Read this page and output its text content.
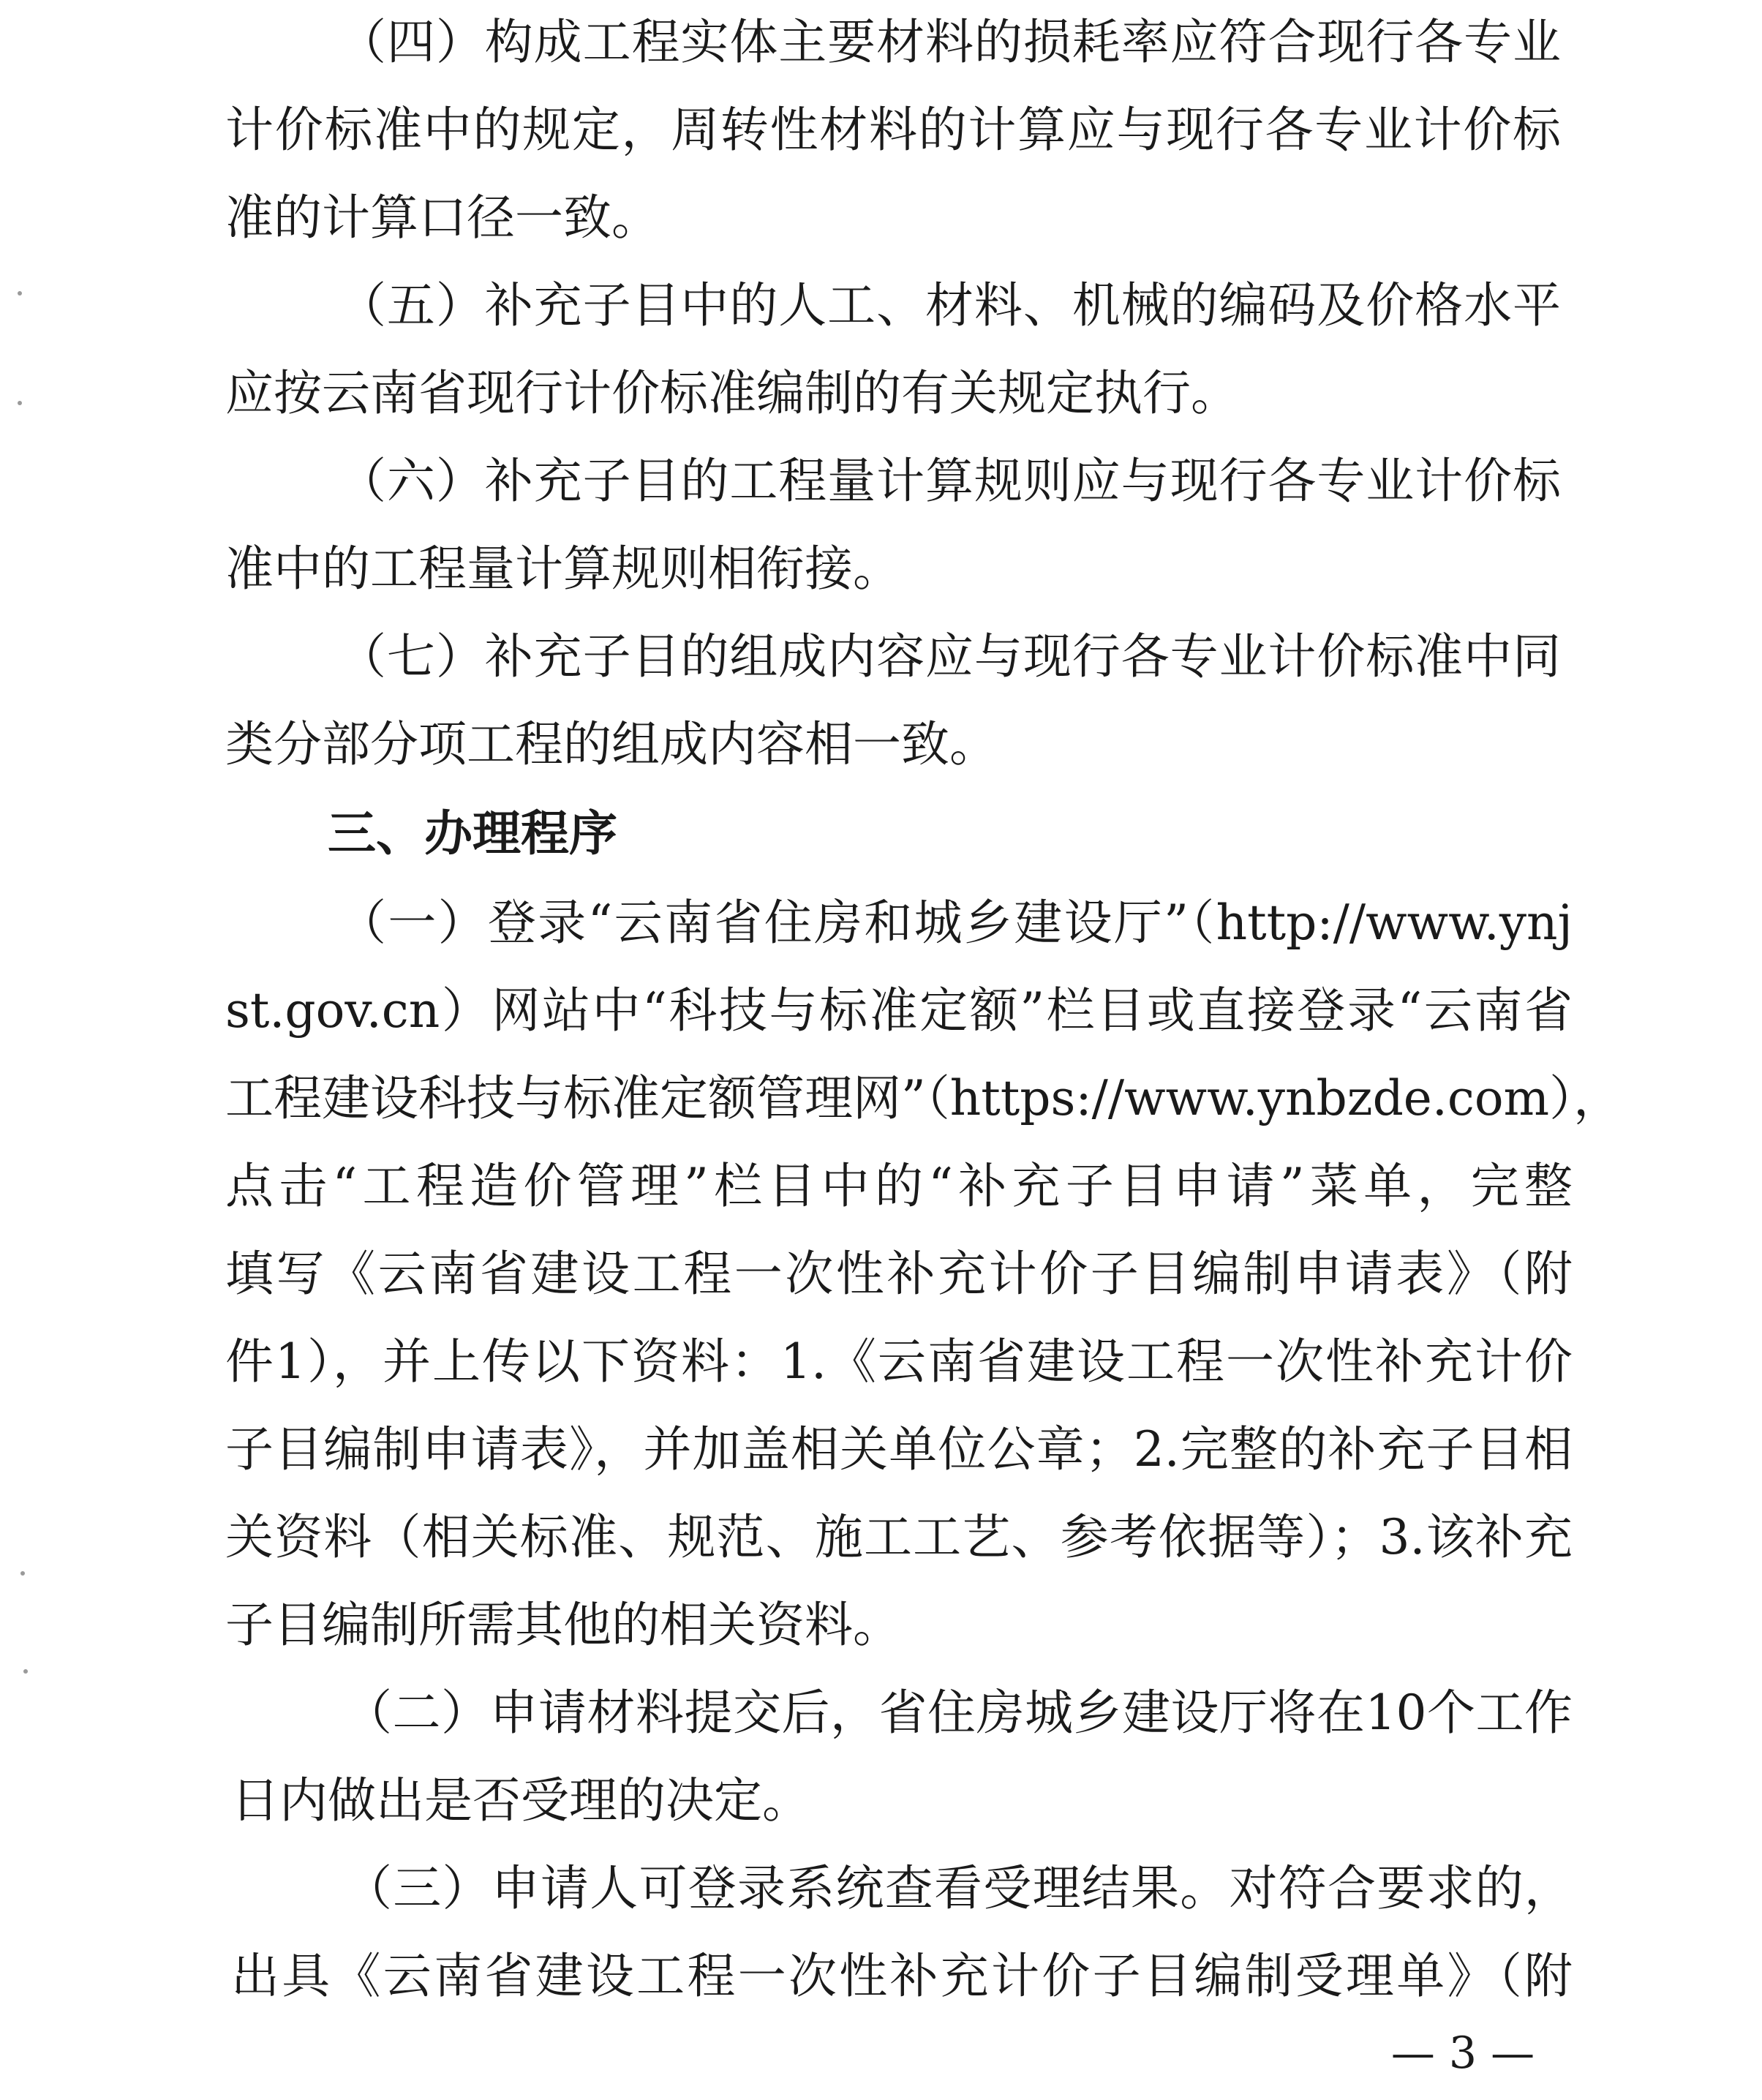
（四）构成工程实体主要材料的损耗率应符合现行各专业
计价标准中的规定，周转性材料的计算应与现行各专业计价标
准的计算口径一致。
（五）补充子目中的人工、材料、机械的编码及价格水平
应按云南省现行计价标准编制的有关规定执行。
（六）补充子目的工程量计算规则应与现行各专业计价标
准中的工程量计算规则相衔接。
（七）补充子目的组成内容应与现行各专业计价标准中同
类分部分项工程的组成内容相一致。
三、办理程序
（一）登录“云南省住房和城乡建设厅”（http://www.ynj
st.gov.cn）网站中“科技与标准定额”栏目或直接登录“云南省
工程建设科技与标准定额管理网”（https://www.ynbzde.com），
点击“工程造价管理”栏目中的“补充子目申请”菜单，完整
填写《云南省建设工程一次性补充计价子目编制申请表》（附
件1），并上传以下资料：1.《云南省建设工程一次性补充计价
子目编制申请表》，并加盖相关单位公章；2.完整的补充子目相
关资料（相关标准、规范、施工工艺、参考依据等）；3.该补充
子目编制所需其他的相关资料。
（二）申请材料提交后，省住房城乡建设厅将在10个工作
日内做出是否受理的决定。
（三）申请人可登录系统查看受理结果。对符合要求的，
出具《云南省建设工程一次性补充计价子目编制受理单》（附
— 3 —
